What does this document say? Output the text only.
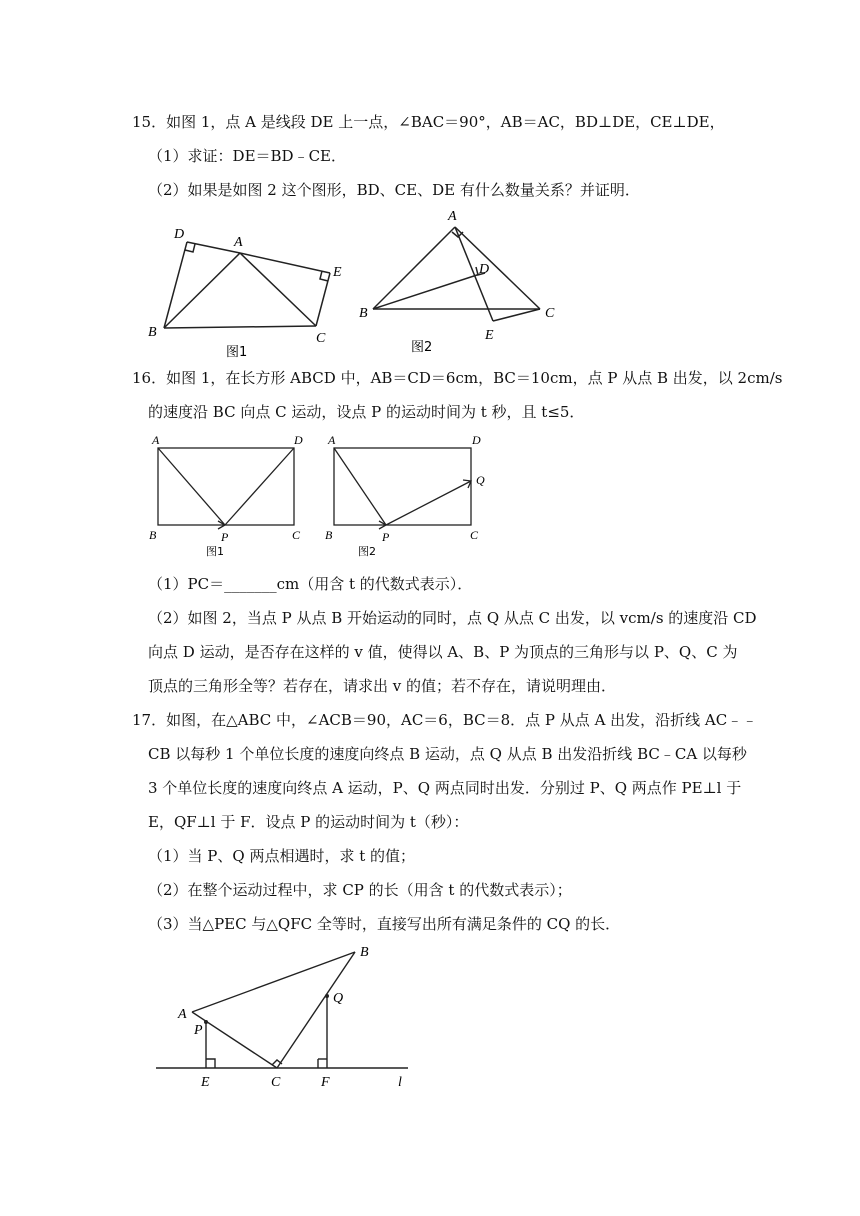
15．如图 1，点 A 是线段 DE 上一点，∠BAC＝90°，AB＝AC，BD⊥DE，CE⊥DE，
（1）求证：DE＝BD﹣CE．
（2）如果是如图 2 这个图形，BD、CE、DE 有什么数量关系？并证明．
D
A
E
B	C
图1
A
D
B
E
C
图2
16．如图 1，在长方形 ABCD 中，AB＝CD＝6cm，BC＝10cm，点 P 从点 B 出发，以 2cm/s
的速度沿 BC 向点 C 运动，设点 P 的运动时间为 t 秒，且 t≤5．
A	D
B	P	C
图1
A	D
Q
B	P	C
图2
（1）PC＝_______cm（用含 t 的代数式表示）．
（2）如图 2，当点 P 从点 B 开始运动的同时，点 Q 从点 C 出发，以 vcm/s 的速度沿 CD
向点 D 运动，是否存在这样的 v 值，使得以 A、B、P 为顶点的三角形与以 P、Q、C 为
顶点的三角形全等？若存在，请求出 v 的值；若不存在，请说明理由．
17．如图，在△ABC 中，∠ACB＝90，AC＝6，BC＝8．点 P 从点 A 出发，沿折线 AC﹣﹣
CB 以每秒 1 个单位长度的速度向终点 B 运动，点 Q 从点 B 出发沿折线 BC﹣CA 以每秒
3 个单位长度的速度向终点 A 运动，P、Q 两点同时出发．分别过 P、Q 两点作 PE⊥l 于
E，QF⊥l 于 F．设点 P 的运动时间为 t（秒）：
（1）当 P、Q 两点相遇时，求 t 的值；
（2）在整个运动过程中，求 CP 的长（用含 t 的代数式表示）；
（3）当△PEC 与△QFC 全等时，直接写出所有满足条件的 CQ 的长．
B
A
Q
P
E	C	F	l
